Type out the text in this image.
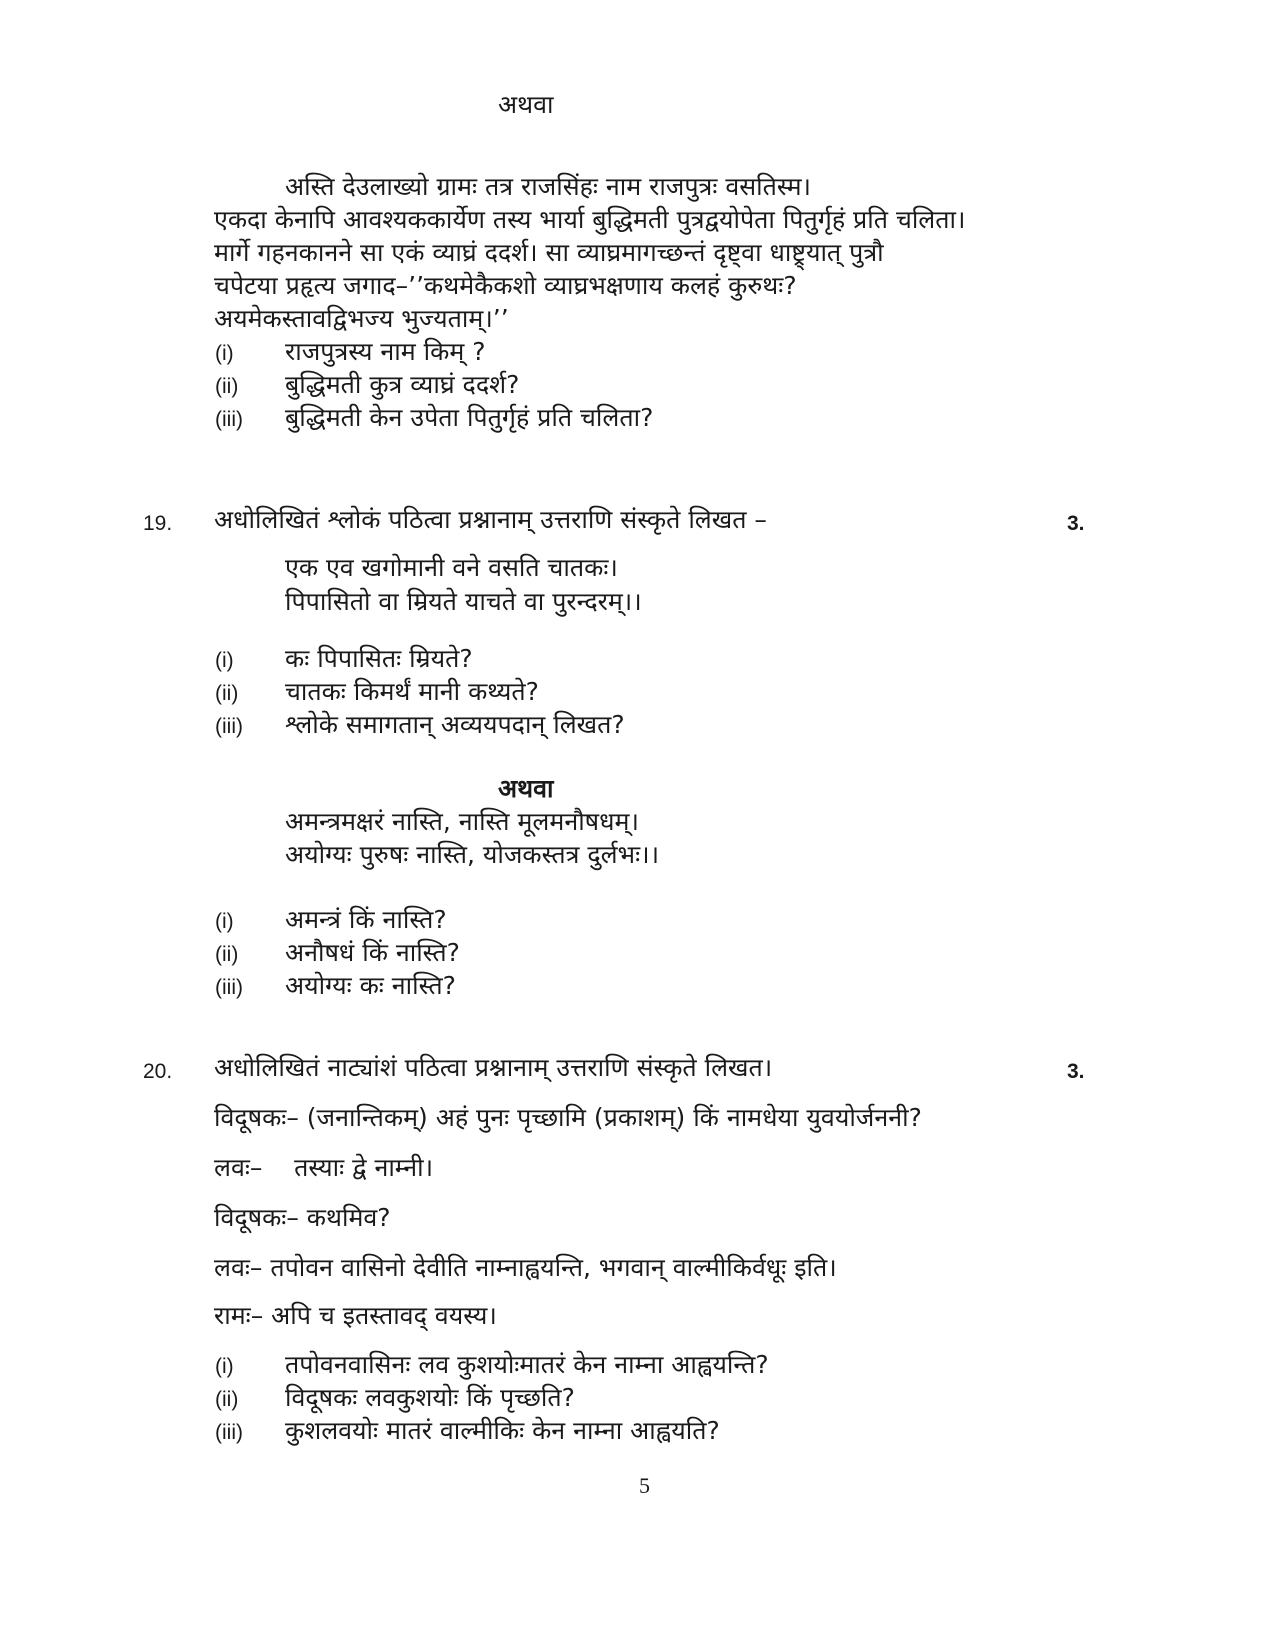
अथवा
अस्ति देउलाख्यो ग्रामः तत्र राजसिंहः नाम राजपुत्रः वसतिस्म।
एकदा केनापि आवश्यककार्येण तस्य भार्या बुद्धिमती पुत्रद्वयोपेता पितुर्गृहं प्रति चलिता।
मार्गे गहनकानने सा एकं व्याघ्रं ददर्श। सा व्याघ्रमागच्छन्तं दृष्ट्वा धाष्ट्र्यात् पुत्रौ
चपेटया प्रहृत्य जगाद–’’कथमेकैकशो व्याघ्रभक्षणाय कलहं कुरुथः?
अयमेकस्तावद्विभज्य भुज्यताम्।’’
(i) राजपुत्रस्य नाम किम् ?
(ii) बुद्धिमती कुत्र व्याघ्रं ददर्श?
(iii) बुद्धिमती केन उपेता पितुर्गृहं प्रति चलिता?
19. अधोलिखितं श्लोकं पठित्वा प्रश्नानाम् उत्तराणि संस्कृते लिखत –	3.
एक एव खगोमानी वने वसति चातकः।
पिपासितो वा म्रियते याचते वा पुरन्दरम्।।
(i) कः पिपासितः म्रियते?
(ii) चातकः किमर्थं मानी कथ्यते?
(iii) श्लोके समागतान् अव्ययपदान् लिखत?
अथवा
अमन्त्रमक्षरं नास्ति, नास्ति मूलमनौषधम्।
अयोग्यः पुरुषः नास्ति, योजकस्तत्र दुर्लभः।।
(i) अमन्त्रं किं नास्ति?
(ii) अनौषधं किं नास्ति?
(iii) अयोग्यः कः नास्ति?
20. अधोलिखितं नाट्यांशं पठित्वा प्रश्नानाम् उत्तराणि संस्कृते लिखत।	3.
विदूषकः– (जनान्तिकम्) अहं पुनः पृच्छामि (प्रकाशम्) किं नामधेया युवयोर्जननी?
लवः–    तस्याः द्वे नाम्नी।
विदूषकः– कथमिव?
लवः– तपोवन वासिनो देवीति नाम्नाह्वयन्ति, भगवान् वाल्मीकिर्वधूः इति।
रामः– अपि च इतस्तावद् वयस्य।
(i) तपोवनवासिनः लव कुशयोःमातरं केन नाम्ना आह्वयन्ति?
(ii) विदूषकः लवकुशयोः किं पृच्छति?
(iii) कुशलवयोः मातरं वाल्मीकिः केन नाम्ना आह्वयति?
5
